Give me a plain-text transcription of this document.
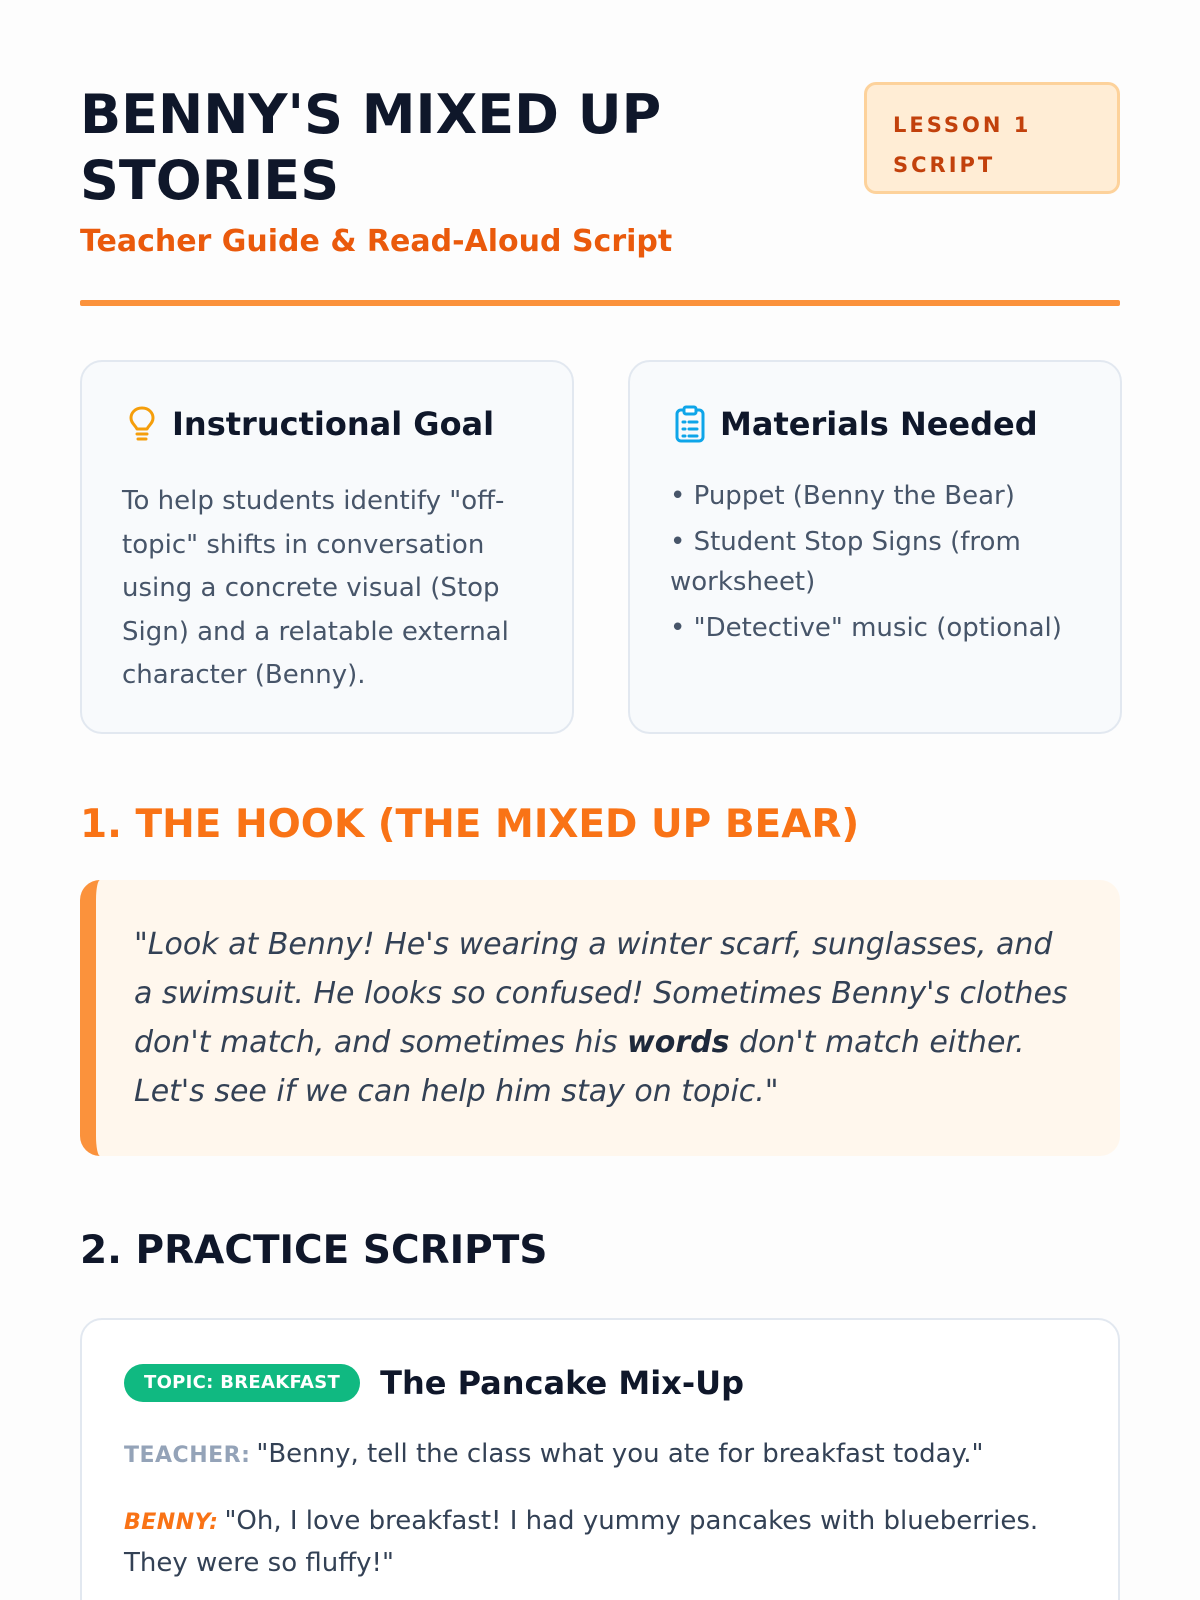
BENNY'S MIXED UP STORIES
Teacher Guide & Read-Aloud Script
LESSON 1 SCRIPT
Instructional Goal

To help students identify "off-topic" shifts in conversation using a concrete visual (Stop Sign) and a relatable external character (Benny).

Materials Needed
• Puppet (Benny the Bear)
• Student Stop Signs (from worksheet)
• "Detective" music (optional)
1. THE HOOK (THE MIXED UP BEAR)
"Look at Benny! He's wearing a winter scarf, sunglasses, and a swimsuit. He looks so confused! Sometimes Benny's clothes don't match, and sometimes his words don't match either. Let's see if we can help him stay on topic."
2. PRACTICE SCRIPTS
TOPIC: BREAKFAST	The Pancake Mix-Up

TEACHER: "Benny, tell the class what you ate for breakfast today."

BENNY: "Oh, I love breakfast! I had yummy pancakes with blueberries. They were so fluffy!"
